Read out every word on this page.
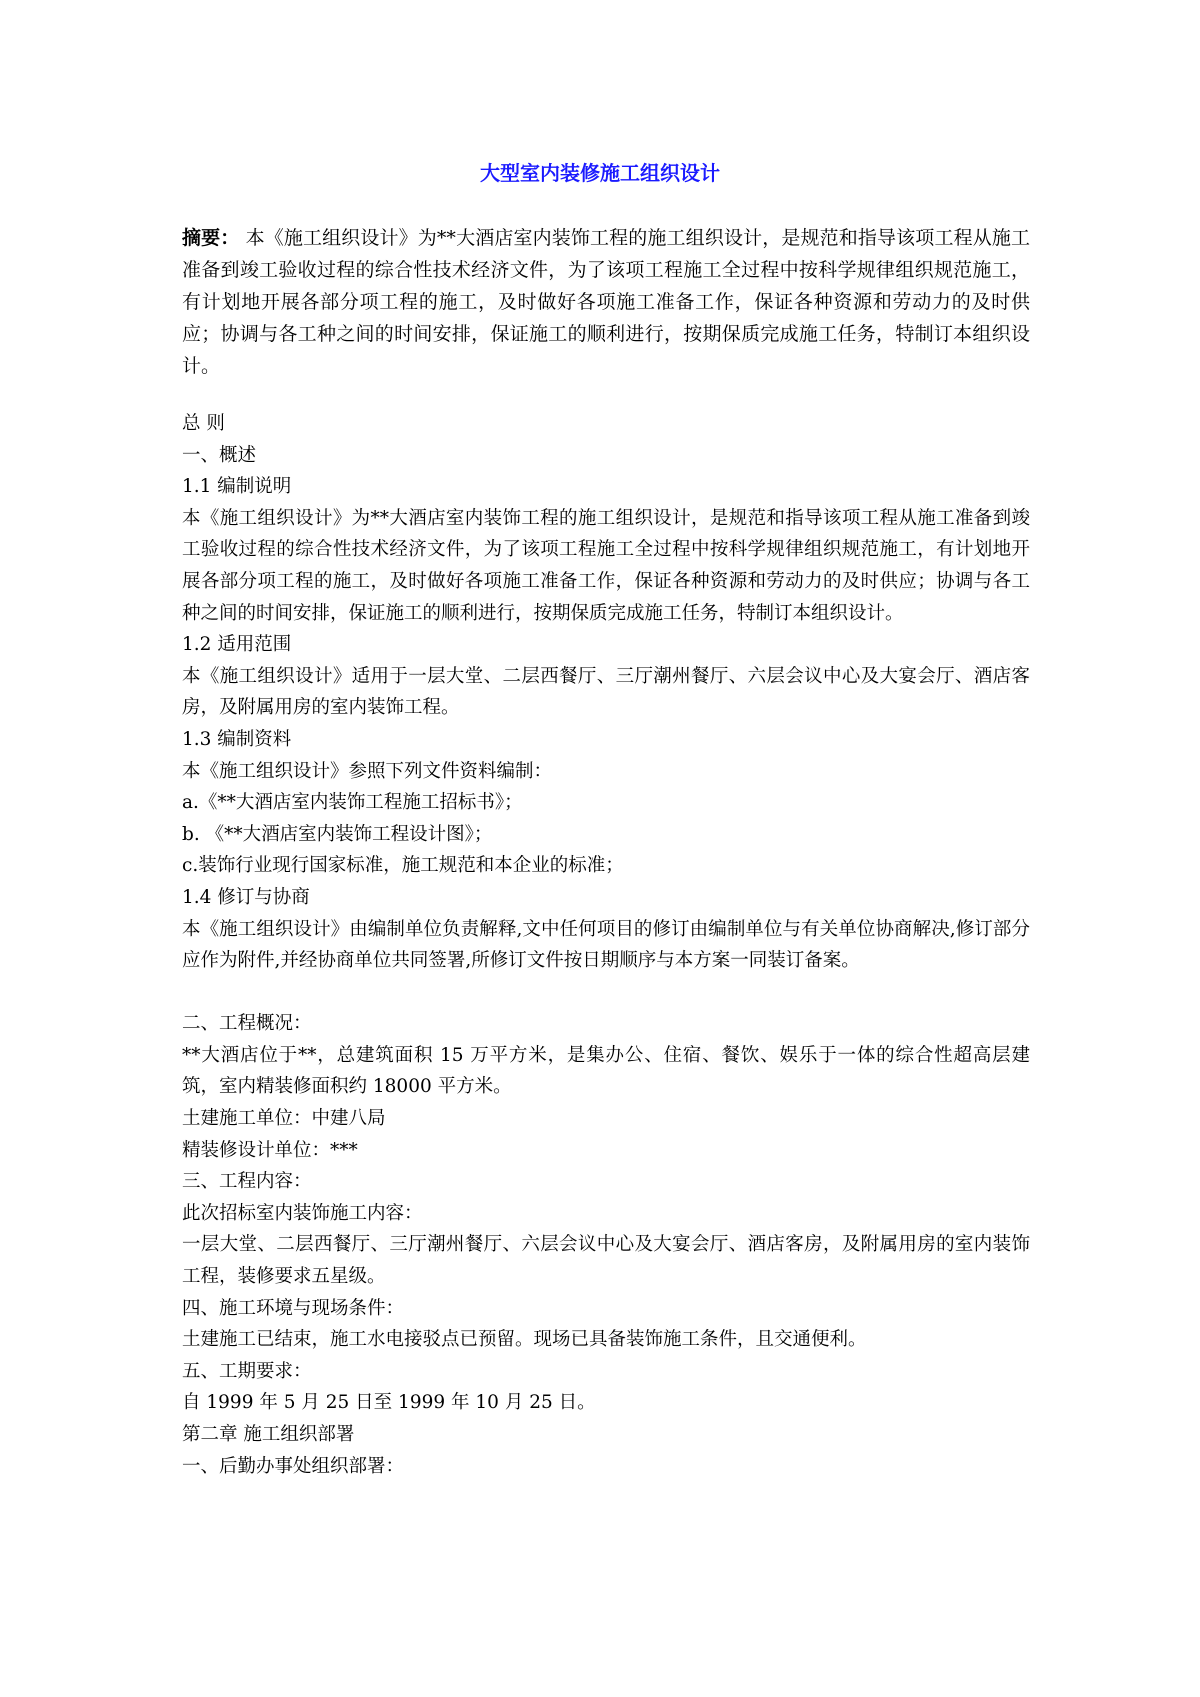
大型室内装修施工组织设计

摘要： 本《施工组织设计》为**大酒店室内装饰工程的施工组织设计，是规范和指导该项工程从施工准备到竣工验收过程的综合性技术经济文件，为了该项工程施工全过程中按科学规律组织规范施工，有计划地开展各部分项工程的施工，及时做好各项施工准备工作，保证各种资源和劳动力的及时供应；协调与各工种之间的时间安排，保证施工的顺利进行，按期保质完成施工任务，特制订本组织设计。

总 则

一、概述

1.1 编制说明

本《施工组织设计》为**大酒店室内装饰工程的施工组织设计，是规范和指导该项工程从施工准备到竣工验收过程的综合性技术经济文件，为了该项工程施工全过程中按科学规律组织规范施工，有计划地开展各部分项工程的施工，及时做好各项施工准备工作，保证各种资源和劳动力的及时供应；协调与各工种之间的时间安排，保证施工的顺利进行，按期保质完成施工任务，特制订本组织设计。

1.2 适用范围

本《施工组织设计》适用于一层大堂、二层西餐厅、三厅潮州餐厅、六层会议中心及大宴会厅、酒店客房，及附属用房的室内装饰工程。

1.3 编制资料

本《施工组织设计》参照下列文件资料编制：

a.《**大酒店室内装饰工程施工招标书》；

b. 《**大酒店室内装饰工程设计图》；

c.装饰行业现行国家标准，施工规范和本企业的标准；

1.4 修订与协商

本《施工组织设计》由编制单位负责解释,文中任何项目的修订由编制单位与有关单位协商解决,修订部分应作为附件,并经协商单位共同签署,所修订文件按日期顺序与本方案一同装订备案。

二、工程概况：

**大酒店位于**，总建筑面积 15 万平方米，是集办公、住宿、餐饮、娱乐于一体的综合性超高层建筑，室内精装修面积约 18000 平方米。

土建施工单位：中建八局

精装修设计单位：***

三、工程内容：

此次招标室内装饰施工内容：

一层大堂、二层西餐厅、三厅潮州餐厅、六层会议中心及大宴会厅、酒店客房，及附属用房的室内装饰工程，装修要求五星级。

四、施工环境与现场条件：

土建施工已结束，施工水电接驳点已预留。现场已具备装饰施工条件，且交通便利。

五、工期要求：

自 1999 年 5 月 25 日至 1999 年 10 月 25 日。

第二章 施工组织部署

一、后勤办事处组织部署：
